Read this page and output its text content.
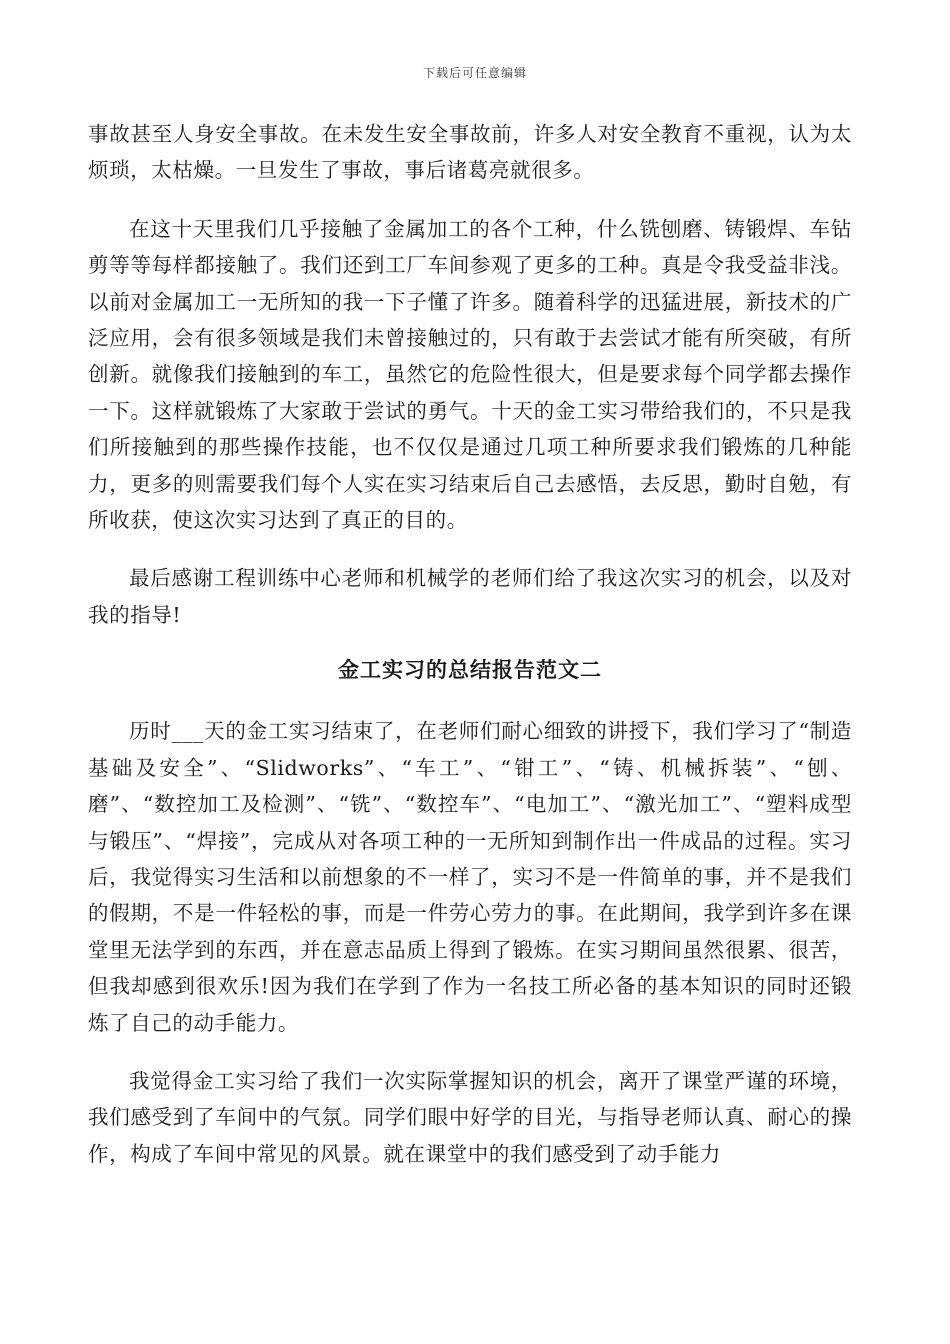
下载后可任意编辑

事故甚至人身安全事故。在未发生安全事故前，许多人对安全教育不重视，认为太烦琐，太枯燥。一旦发生了事故，事后诸葛亮就很多。

在这十天里我们几乎接触了金属加工的各个工种，什么铣刨磨、铸锻焊、车钻剪等等每样都接触了。我们还到工厂车间参观了更多的工种。真是令我受益非浅。以前对金属加工一无所知的我一下子懂了许多。随着科学的迅猛进展，新技术的广泛应用，会有很多领域是我们未曾接触过的，只有敢于去尝试才能有所突破，有所创新。就像我们接触到的车工，虽然它的危险性很大，但是要求每个同学都去操作一下。这样就锻炼了大家敢于尝试的勇气。十天的金工实习带给我们的，不只是我们所接触到的那些操作技能，也不仅仅是通过几项工种所要求我们锻炼的几种能力，更多的则需要我们每个人实在实习结束后自己去感悟，去反思，勤时自勉，有所收获，使这次实习达到了真正的目的。

最后感谢工程训练中心老师和机械学的老师们给了我这次实习的机会，以及对我的指导!

金工实习的总结报告范文二

历时___天的金工实习结束了，在老师们耐心细致的讲授下，我们学习了“制造基础及安全”、“Slidworks”、“车工”、“钳工”、“铸、机械拆装”、“刨、磨”、“数控加工及检测”、“铣”、“数控车”、“电加工”、“激光加工”、“塑料成型与锻压”、“焊接”，完成从对各项工种的一无所知到制作出一件成品的过程。实习后，我觉得实习生活和以前想象的不一样了，实习不是一件简单的事，并不是我们的假期，不是一件轻松的事，而是一件劳心劳力的事。在此期间，我学到许多在课堂里无法学到的东西，并在意志品质上得到了锻炼。在实习期间虽然很累、很苦，但我却感到很欢乐!因为我们在学到了作为一名技工所必备的基本知识的同时还锻炼了自己的动手能力。

我觉得金工实习给了我们一次实际掌握知识的机会，离开了课堂严谨的环境，我们感受到了车间中的气氛。同学们眼中好学的目光，与指导老师认真、耐心的操作，构成了车间中常见的风景。就在课堂中的我们感受到了动手能力
